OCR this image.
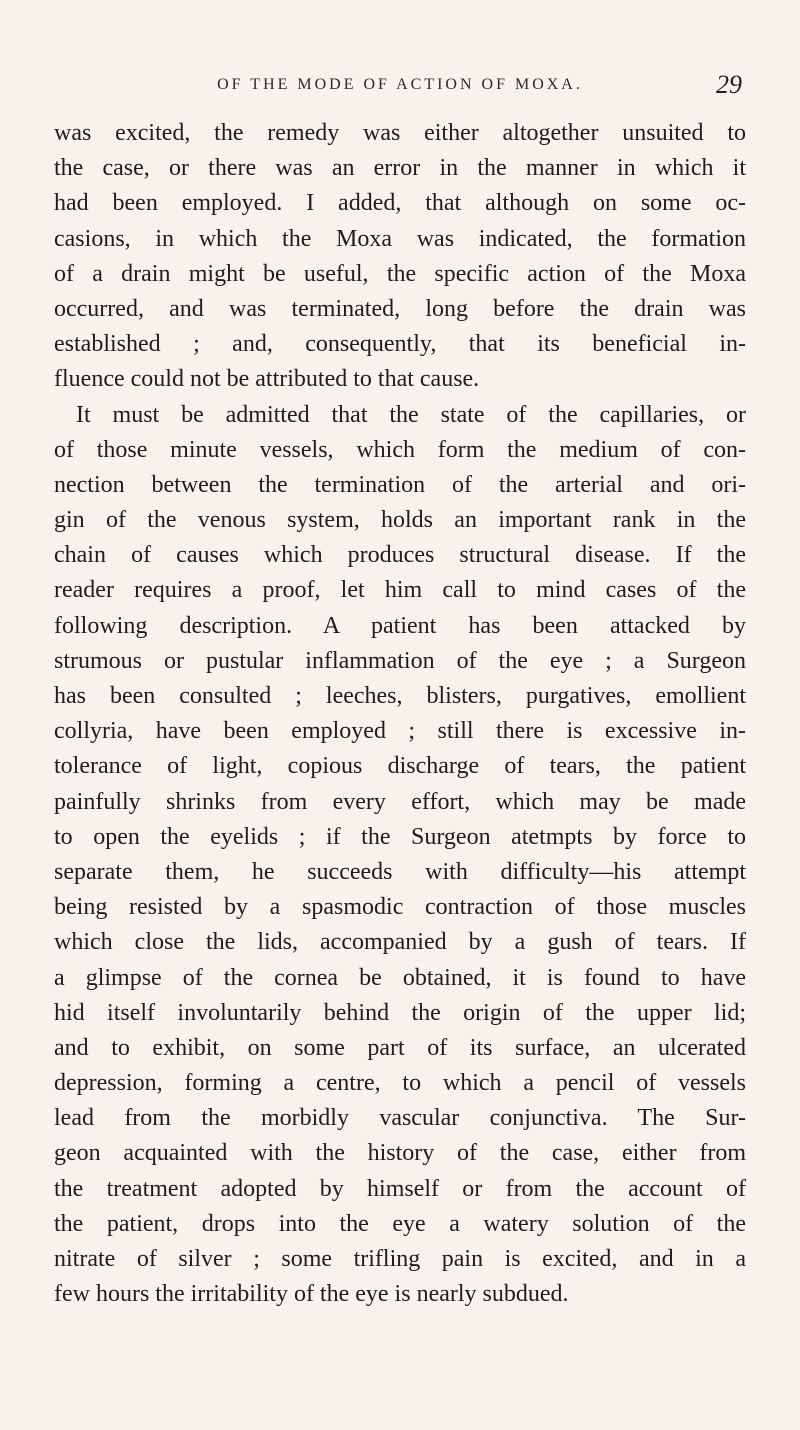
OF THE MODE OF ACTION OF MOXA.	29
was excited, the remedy was either altogether unsuited to
the case, or there was an error in the manner in which it
had been employed. I added, that although on some oc-
casions, in which the Moxa was indicated, the formation
of a drain might be useful, the specific action of the Moxa
occurred, and was terminated, long before the drain was
established ; and, consequently, that its beneficial in-
fluence could not be attributed to that cause.
It must be admitted that the state of the capillaries, or
of those minute vessels, which form the medium of con-
nection between the termination of the arterial and ori-
gin of the venous system, holds an important rank in the
chain of causes which produces structural disease. If the
reader requires a proof, let him call to mind cases of the
following description. A patient has been attacked by
strumous or pustular inflammation of the eye ; a Surgeon
has been consulted ; leeches, blisters, purgatives, emollient
collyria, have been employed ; still there is excessive in-
tolerance of light, copious discharge of tears, the patient
painfully shrinks from every effort, which may be made
to open the eyelids ; if the Surgeon atetmpts by force to
separate them, he succeeds with difficulty—his attempt
being resisted by a spasmodic contraction of those muscles
which close the lids, accompanied by a gush of tears. If
a glimpse of the cornea be obtained, it is found to have
hid itself involuntarily behind the origin of the upper lid;
and to exhibit, on some part of its surface, an ulcerated
depression, forming a centre, to which a pencil of vessels
lead from the morbidly vascular conjunctiva. The Sur-
geon acquainted with the history of the case, either from
the treatment adopted by himself or from the account of
the patient, drops into the eye a watery solution of the
nitrate of silver ; some trifling pain is excited, and in a
few hours the irritability of the eye is nearly subdued.
